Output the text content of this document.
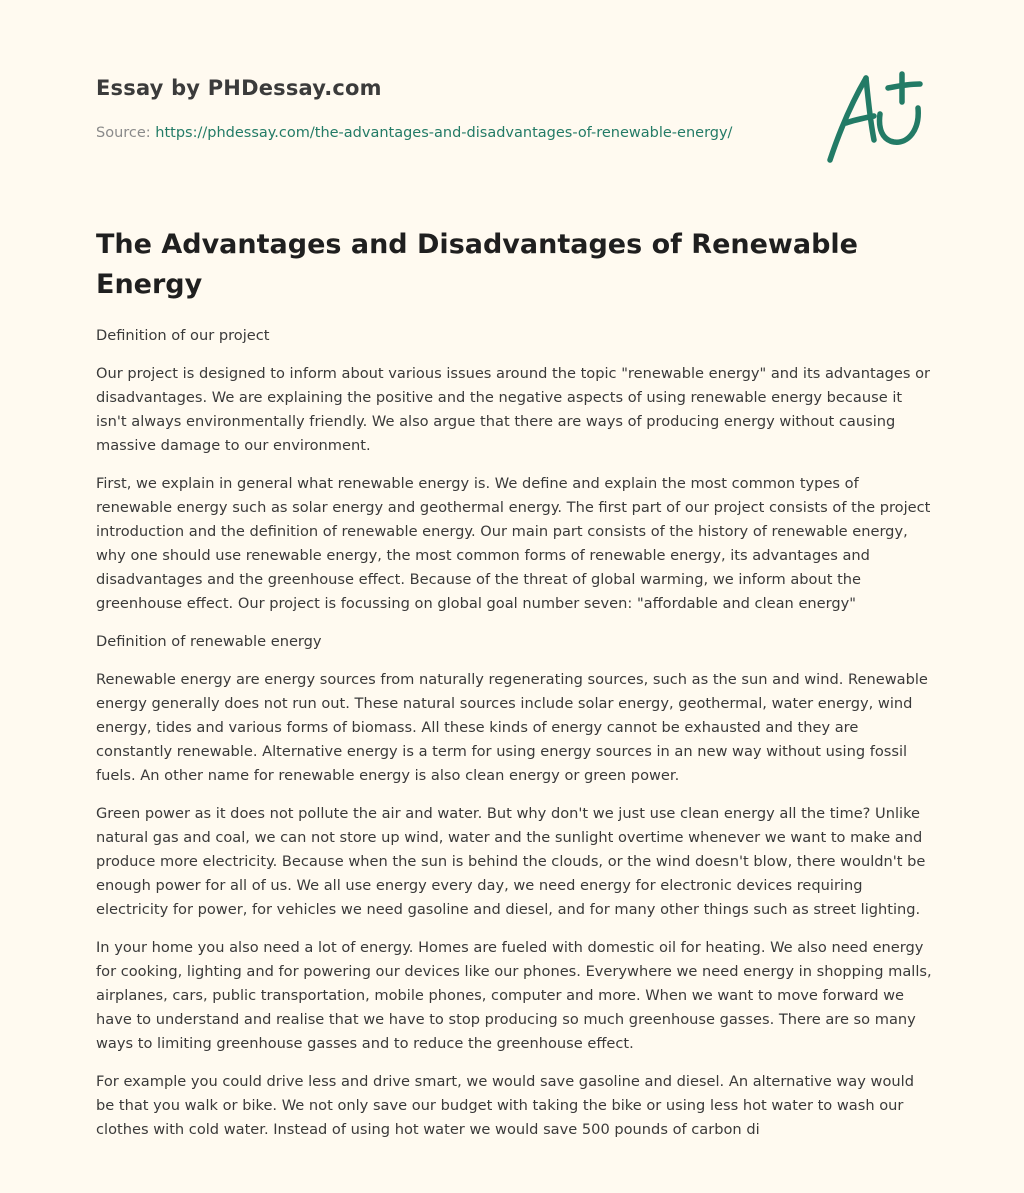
Essay by PHDessay.com
Source: https://phdessay.com/the-advantages-and-disadvantages-of-renewable-energy/
The Advantages and Disadvantages of Renewable Energy

Definition of our project

Our project is designed to inform about various issues around the topic "renewable energy" and its advantages or disadvantages. We are explaining the positive and the negative aspects of using renewable energy because it isn't always environmentally friendly. We also argue that there are ways of producing energy without causing massive damage to our environment.

First, we explain in general what renewable energy is. We define and explain the most common types of renewable energy such as solar energy and geothermal energy. The first part of our project consists of the project introduction and the definition of renewable energy. Our main part consists of the history of renewable energy, why one should use renewable energy, the most common forms of renewable energy, its advantages and disadvantages and the greenhouse effect. Because of the threat of global warming, we inform about the greenhouse effect. Our project is focussing on global goal number seven: "affordable and clean energy"

Definition of renewable energy

Renewable energy are energy sources from naturally regenerating sources, such as the sun and wind. Renewable energy generally does not run out. These natural sources include solar energy, geothermal, water energy, wind energy, tides and various forms of biomass. All these kinds of energy cannot be exhausted and they are constantly renewable. Alternative energy is a term for using energy sources in an new way without using fossil fuels. An other name for renewable energy is also clean energy or green power.

Green power as it does not pollute the air and water. But why don't we just use clean energy all the time? Unlike natural gas and coal, we can not store up wind, water and the sunlight overtime whenever we want to make and produce more electricity. Because when the sun is behind the clouds, or the wind doesn't blow, there wouldn't be enough power for all of us. We all use energy every day, we need energy for electronic devices requiring electricity for power, for vehicles we need gasoline and diesel, and for many other things such as street lighting.

In your home you also need a lot of energy. Homes are fueled with domestic oil for heating. We also need energy for cooking, lighting and for powering our devices like our phones. Everywhere we need energy in shopping malls, airplanes, cars, public transportation, mobile phones, computer and more. When we want to move forward we have to understand and realise that we have to stop producing so much greenhouse gasses. There are so many ways to limiting greenhouse gasses and to reduce the greenhouse effect.

For example you could drive less and drive smart, we would save gasoline and diesel. An alternative way would be that you walk or bike. We not only save our budget with taking the bike or using less hot water to wash our clothes with cold water. Instead of using hot water we would save 500 pounds of carbon di
